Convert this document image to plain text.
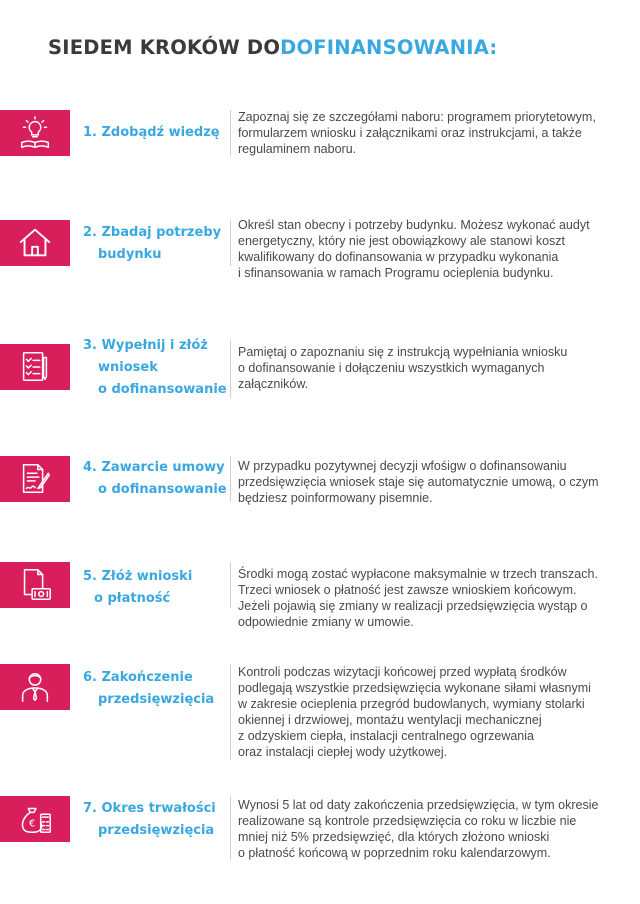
SIEDEM KROKÓW DODOFINANSOWANIA:
1. Zdobądź wiedzę
Zapoznaj się ze szczegółami naboru: programem priorytetowym,
formularzem wniosku i załącznikami oraz instrukcjami, a także
regulaminem naboru.
2. Zbadaj potrzeby
budynku
Określ stan obecny i potrzeby budynku. Możesz wykonać audyt
energetyczny, który nie jest obowiązkowy ale stanowi koszt
kwalifikowany do dofinansowania w przypadku wykonania
i sfinansowania w ramach Programu ocieplenia budynku.
3. Wypełnij i złóż
wniosek
o dofinansowanie
Pamiętaj o zapoznaniu się z instrukcją wypełniania wniosku
o dofinansowanie i dołączeniu wszystkich wymaganych
załączników.
4. Zawarcie umowy
o dofinansowanie
W przypadku pozytywnej decyzji wfośigw o dofinansowaniu
przedsięwzięcia wniosek staje się automatycznie umową, o czym
będziesz poinformowany pisemnie.
5. Złóż wnioski
o płatność
Środki mogą zostać wypłacone maksymalnie w trzech transzach.
Trzeci wniosek o płatność jest zawsze wnioskiem końcowym.
Jeżeli pojawią się zmiany w realizacji przedsięwzięcia wystąp o
odpowiednie zmiany w umowie.
6. Zakończenie
przedsięwzięcia
Kontroli podczas wizytacji końcowej przed wypłatą środków
podlegają wszystkie przedsięwzięcia wykonane siłami własnymi
w zakresie ocieplenia przegród budowlanych, wymiany stolarki
okiennej i drzwiowej, montażu wentylacji mechanicznej
z odzyskiem ciepła, instalacji centralnego ogrzewania
oraz instalacji ciepłej wody użytkowej.
€
7. Okres trwałości
przedsięwzięcia
Wynosi 5 lat od daty zakończenia przedsięwzięcia, w tym okresie
realizowane są kontrole przedsięwzięcia co roku w liczbie nie
mniej niż 5% przedsięwzięć, dla których złożono wnioski
o płatność końcową w poprzednim roku kalendarzowym.
